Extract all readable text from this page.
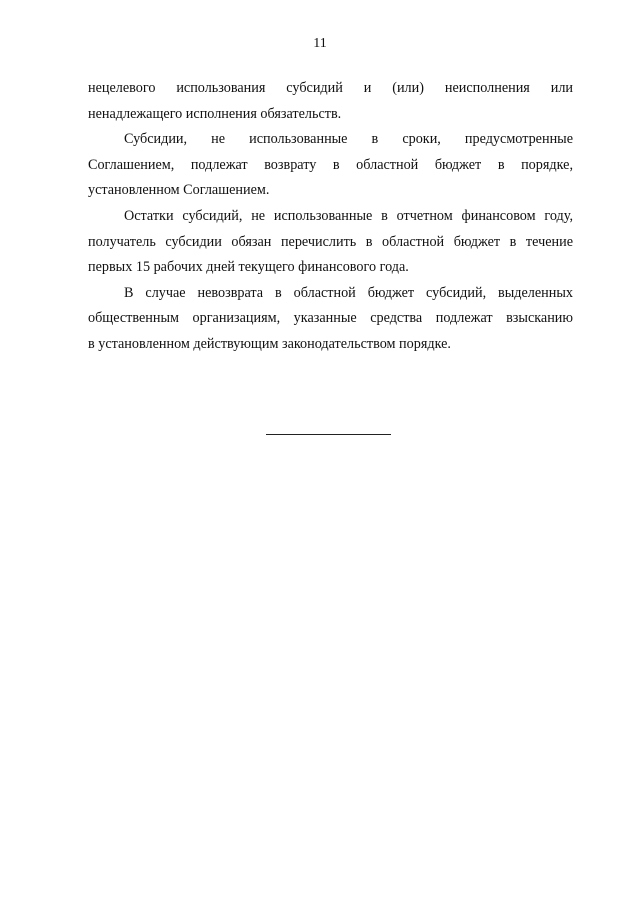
11

нецелевого использования субсидий и (или) неисполнения или
ненадлежащего исполнения обязательств.

Субсидии, не использованные в сроки, предусмотренные
Соглашением, подлежат возврату в областной бюджет в порядке,
установленном Соглашением.

Остатки субсидий, не использованные в отчетном финансовом году,
получатель субсидии обязан перечислить в областной бюджет в течение
первых 15 рабочих дней текущего финансового года.

В случае невозврата в областной бюджет субсидий, выделенных
общественным организациям, указанные средства подлежат взысканию
в установленном действующим законодательством порядке.
